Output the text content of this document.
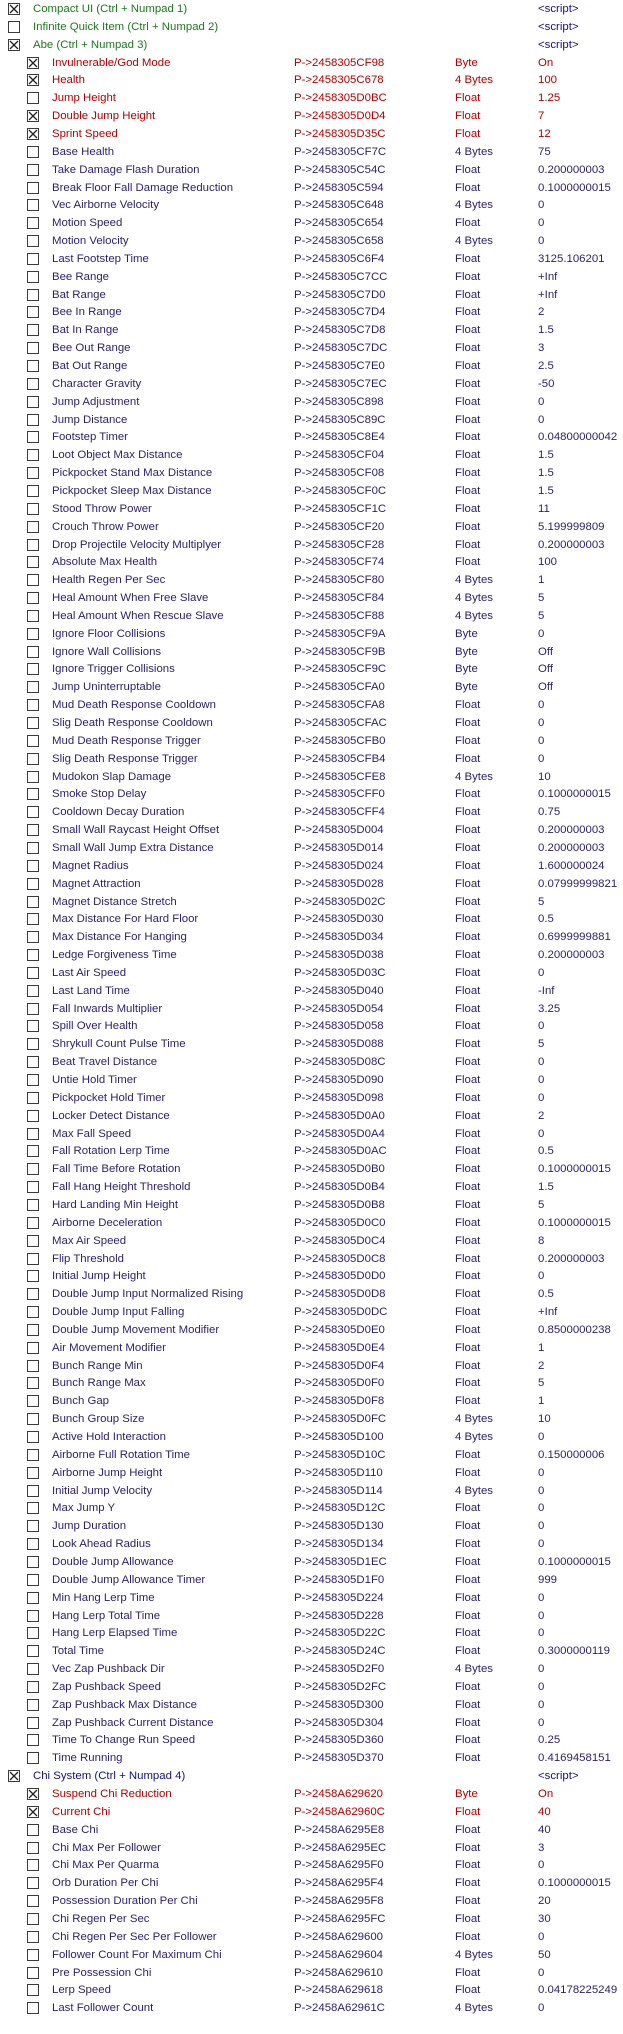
Compact UI (Ctrl + Numpad 1)	<script>
Infinite Quick Item (Ctrl + Numpad 2)	<script>
Abe (Ctrl + Numpad 3)	<script>
Invulnerable/God Mode	P->2458305CF98	Byte	On
Health	P->2458305C678	4 Bytes	100
Jump Height	P->2458305D0BC	Float	1.25
Double Jump Height	P->2458305D0D4	Float	7
Sprint Speed	P->2458305D35C	Float	12
Base Health	P->2458305CF7C	4 Bytes	75
Take Damage Flash Duration	P->2458305C54C	Float	0.200000003
Break Floor Fall Damage Reduction	P->2458305C594	Float	0.1000000015
Vec Airborne Velocity	P->2458305C648	4 Bytes	0
Motion Speed	P->2458305C654	Float	0
Motion Velocity	P->2458305C658	4 Bytes	0
Last Footstep Time	P->2458305C6F4	Float	3125.106201
Bee Range	P->2458305C7CC	Float	+Inf
Bat Range	P->2458305C7D0	Float	+Inf
Bee In Range	P->2458305C7D4	Float	2
Bat In Range	P->2458305C7D8	Float	1.5
Bee Out Range	P->2458305C7DC	Float	3
Bat Out Range	P->2458305C7E0	Float	2.5
Character Gravity	P->2458305C7EC	Float	-50
Jump Adjustment	P->2458305C898	Float	0
Jump Distance	P->2458305C89C	Float	0
Footstep Timer	P->2458305C8E4	Float	0.04800000042
Loot Object Max Distance	P->2458305CF04	Float	1.5
Pickpocket Stand Max Distance	P->2458305CF08	Float	1.5
Pickpocket Sleep Max Distance	P->2458305CF0C	Float	1.5
Stood Throw Power	P->2458305CF1C	Float	11
Crouch Throw Power	P->2458305CF20	Float	5.199999809
Drop Projectile Velocity Multiplyer	P->2458305CF28	Float	0.200000003
Absolute Max Health	P->2458305CF74	Float	100
Health Regen Per Sec	P->2458305CF80	4 Bytes	1
Heal Amount When Free Slave	P->2458305CF84	4 Bytes	5
Heal Amount When Rescue Slave	P->2458305CF88	4 Bytes	5
Ignore Floor Collisions	P->2458305CF9A	Byte	0
Ignore Wall Collisions	P->2458305CF9B	Byte	Off
Ignore Trigger Collisions	P->2458305CF9C	Byte	Off
Jump Uninterruptable	P->2458305CFA0	Byte	Off
Mud Death Response Cooldown	P->2458305CFA8	Float	0
Slig Death Response Cooldown	P->2458305CFAC	Float	0
Mud Death Response Trigger	P->2458305CFB0	Float	0
Slig Death Response Trigger	P->2458305CFB4	Float	0
Mudokon Slap Damage	P->2458305CFE8	4 Bytes	10
Smoke Stop Delay	P->2458305CFF0	Float	0.1000000015
Cooldown Decay Duration	P->2458305CFF4	Float	0.75
Small Wall Raycast Height Offset	P->2458305D004	Float	0.200000003
Small Wall Jump Extra Distance	P->2458305D014	Float	0.200000003
Magnet Radius	P->2458305D024	Float	1.600000024
Magnet Attraction	P->2458305D028	Float	0.07999999821
Magnet Distance Stretch	P->2458305D02C	Float	5
Max Distance For Hard Floor	P->2458305D030	Float	0.5
Max Distance For Hanging	P->2458305D034	Float	0.6999999881
Ledge Forgiveness Time	P->2458305D038	Float	0.200000003
Last Air Speed	P->2458305D03C	Float	0
Last Land Time	P->2458305D040	Float	-Inf
Fall Inwards Multiplier	P->2458305D054	Float	3.25
Spill Over Health	P->2458305D058	Float	0
Shrykull Count Pulse Time	P->2458305D088	Float	5
Beat Travel Distance	P->2458305D08C	Float	0
Untie Hold Timer	P->2458305D090	Float	0
Pickpocket Hold Timer	P->2458305D098	Float	0
Locker Detect Distance	P->2458305D0A0	Float	2
Max Fall Speed	P->2458305D0A4	Float	0
Fall Rotation Lerp Time	P->2458305D0AC	Float	0.5
Fall Time Before Rotation	P->2458305D0B0	Float	0.1000000015
Fall Hang Height Threshold	P->2458305D0B4	Float	1.5
Hard Landing Min Height	P->2458305D0B8	Float	5
Airborne Deceleration	P->2458305D0C0	Float	0.1000000015
Max Air Speed	P->2458305D0C4	Float	8
Flip Threshold	P->2458305D0C8	Float	0.200000003
Initial Jump Height	P->2458305D0D0	Float	0
Double Jump Input Normalized Rising	P->2458305D0D8	Float	0.5
Double Jump Input Falling	P->2458305D0DC	Float	+Inf
Double Jump Movement Modifier	P->2458305D0E0	Float	0.8500000238
Air Movement Modifier	P->2458305D0E4	Float	1
Bunch Range Min	P->2458305D0F4	Float	2
Bunch Range Max	P->2458305D0F0	Float	5
Bunch Gap	P->2458305D0F8	Float	1
Bunch Group Size	P->2458305D0FC	4 Bytes	10
Active Hold Interaction	P->2458305D100	4 Bytes	0
Airborne Full Rotation Time	P->2458305D10C	Float	0.150000006
Airborne Jump Height	P->2458305D110	Float	0
Initial Jump Velocity	P->2458305D114	4 Bytes	0
Max Jump Y	P->2458305D12C	Float	0
Jump Duration	P->2458305D130	Float	0
Look Ahead Radius	P->2458305D134	Float	0
Double Jump Allowance	P->2458305D1EC	Float	0.1000000015
Double Jump Allowance Timer	P->2458305D1F0	Float	999
Min Hang Lerp Time	P->2458305D224	Float	0
Hang Lerp Total Time	P->2458305D228	Float	0
Hang Lerp Elapsed Time	P->2458305D22C	Float	0
Total Time	P->2458305D24C	Float	0.3000000119
Vec Zap Pushback Dir	P->2458305D2F0	4 Bytes	0
Zap Pushback Speed	P->2458305D2FC	Float	0
Zap Pushback Max Distance	P->2458305D300	Float	0
Zap Pushback Current Distance	P->2458305D304	Float	0
Time To Change Run Speed	P->2458305D360	Float	0.25
Time Running	P->2458305D370	Float	0.4169458151
Chi System (Ctrl + Numpad 4)	<script>
Suspend Chi Reduction	P->2458A629620	Byte	On
Current Chi	P->2458A62960C	Float	40
Base Chi	P->2458A6295E8	Float	40
Chi Max Per Follower	P->2458A6295EC	Float	3
Chi Max Per Quarma	P->2458A6295F0	Float	0
Orb Duration Per Chi	P->2458A6295F4	Float	0.1000000015
Possession Duration Per Chi	P->2458A6295F8	Float	20
Chi Regen Per Sec	P->2458A6295FC	Float	30
Chi Regen Per Sec Per Follower	P->2458A629600	Float	0
Follower Count For Maximum Chi	P->2458A629604	4 Bytes	50
Pre Possession Chi	P->2458A629610	Float	0
Lerp Speed	P->2458A629618	Float	0.04178225249
Last Follower Count	P->2458A62961C	4 Bytes	0
